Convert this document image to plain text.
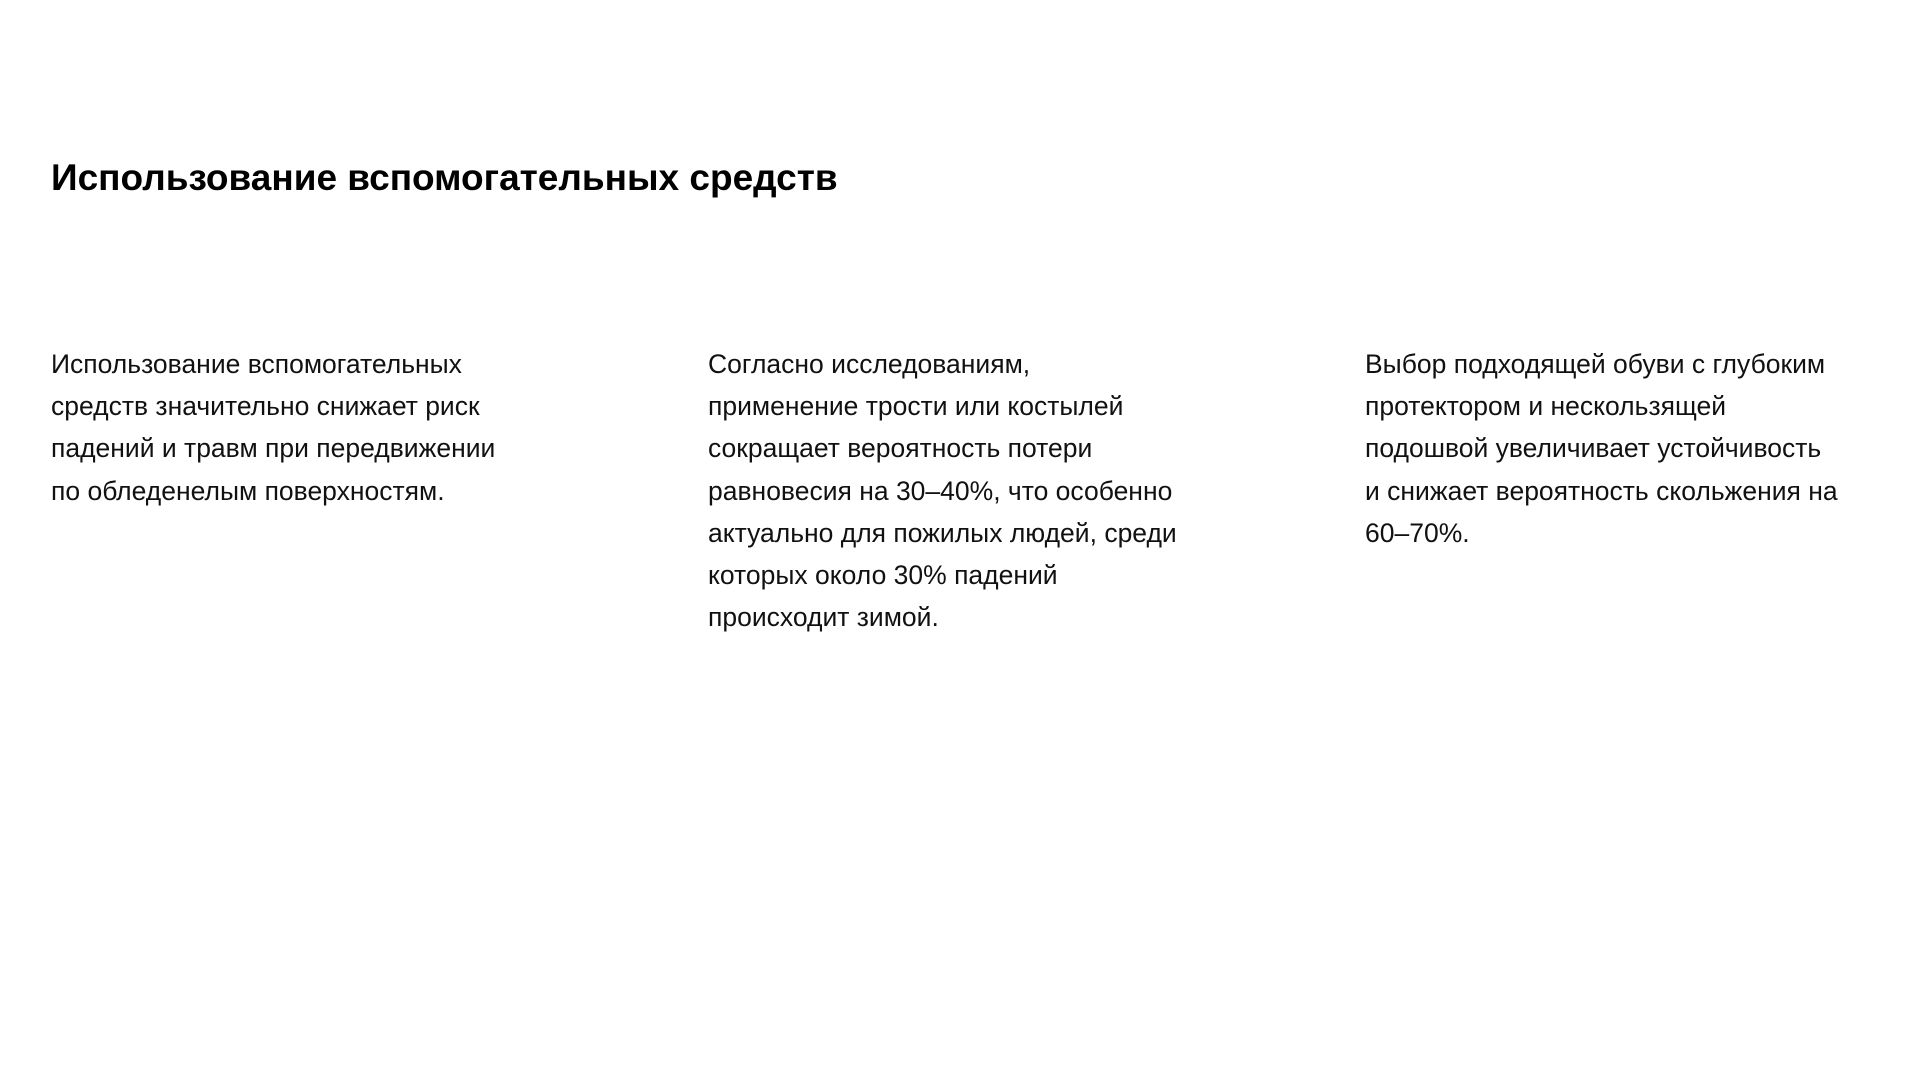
Использование вспомогательных средств

Использование вспомогательных
средств значительно снижает риск
падений и травм при передвижении
по обледенелым поверхностям.

Согласно исследованиям,
применение трости или костылей
сокращает вероятность потери
равновесия на 30–40%, что особенно
актуально для пожилых людей, среди
которых около 30% падений
происходит зимой.

Выбор подходящей обуви с глубоким
протектором и нескользящей
подошвой увеличивает устойчивость
и снижает вероятность скольжения на
60–70%.
